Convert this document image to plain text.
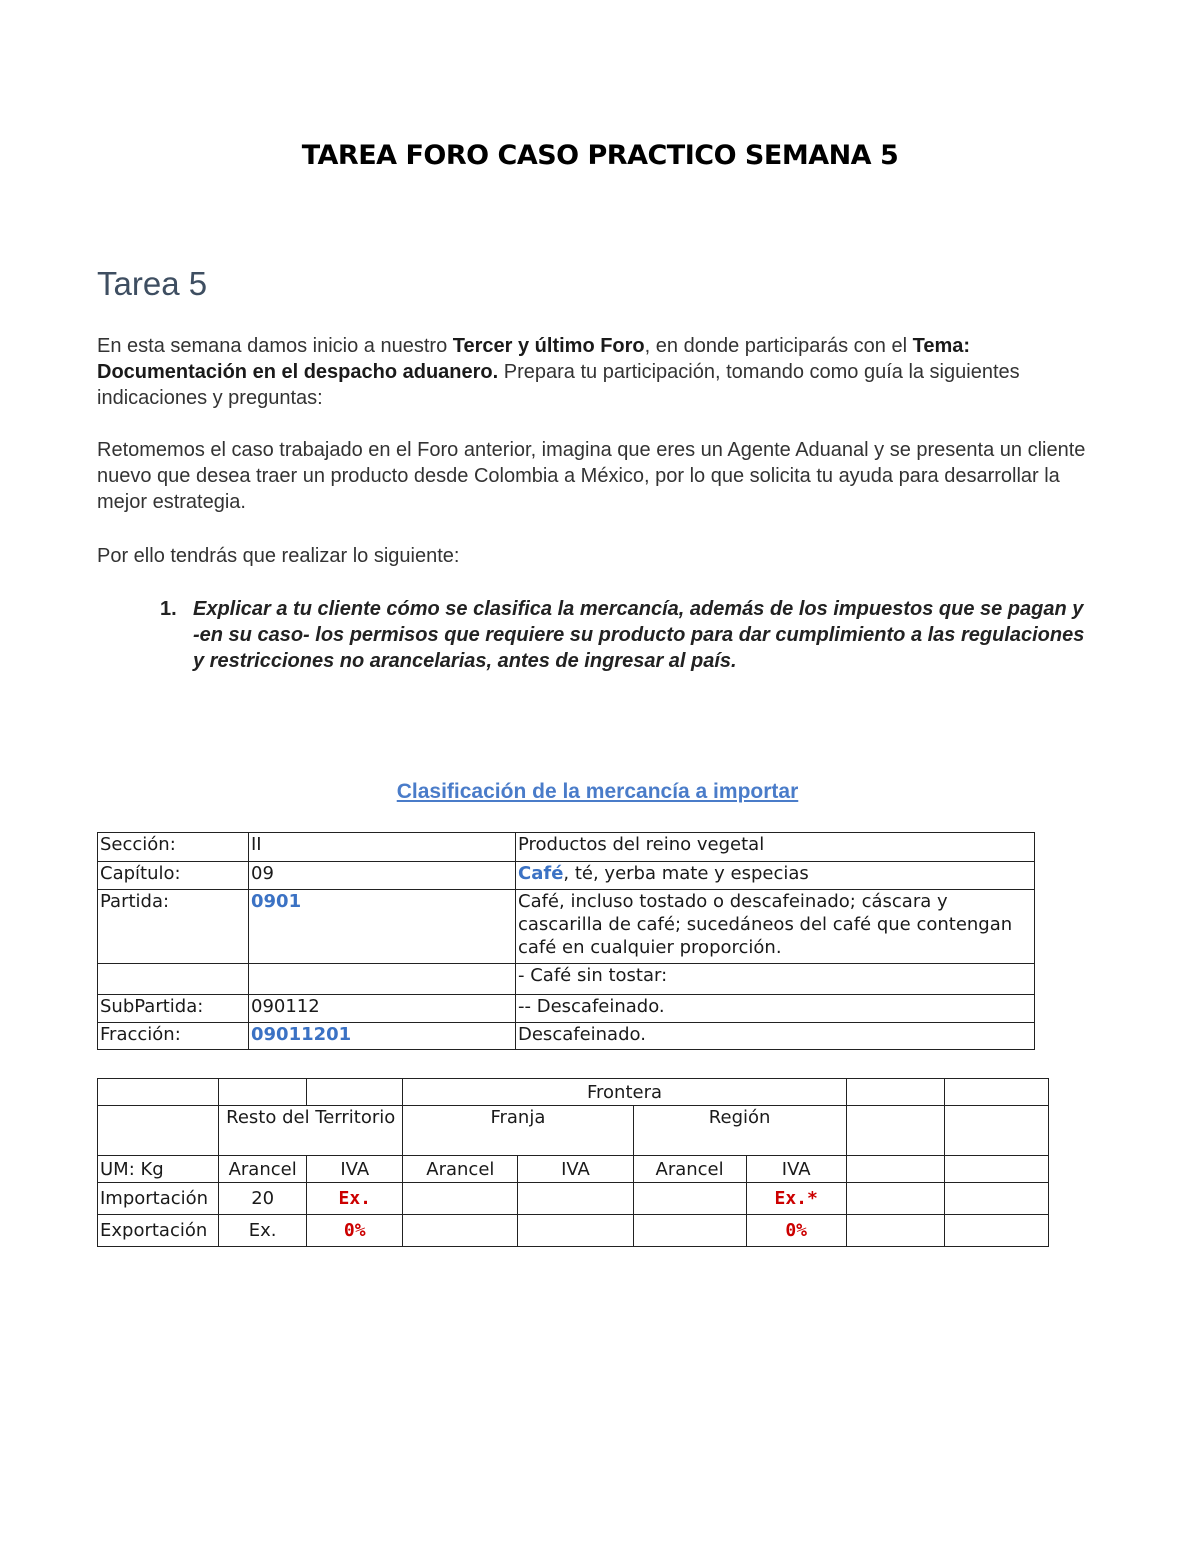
TAREA FORO CASO PRACTICO SEMANA 5
Tarea 5

En esta semana damos inicio a nuestro Tercer y último Foro, en donde participarás con el Tema: Documentación en el despacho aduanero. Prepara tu participación, tomando como guía la siguientes indicaciones y preguntas:

Retomemos el caso trabajado en el Foro anterior, imagina que eres un Agente Aduanal y se presenta un cliente nuevo que desea traer un producto desde Colombia a México, por lo que solicita tu ayuda para desarrollar la mejor estrategia.

Por ello tendrás que realizar lo siguiente:

1. Explicar a tu cliente cómo se clasifica la mercancía, además de los impuestos que se pagan y -en su caso- los permisos que requiere su producto para dar cumplimiento a las regulaciones y restricciones no arancelarias, antes de ingresar al país.

Clasificación de la mercancía a importar

Sección:	II	Productos del reino vegetal
Capítulo:	09	Café, té, yerba mate y especias
Partida:	0901	Café, incluso tostado o descafeinado; cáscara y cascarilla de café; sucedáneos del café que contengan café en cualquier proporción.
		- Café sin tostar:
SubPartida:	090112	-- Descafeinado.
Fracción:	09011201	Descafeinado.
			Frontera					
	Resto del Territorio		Franja		Región			
UM: Kg	Arancel	IVA	Arancel	IVA	Arancel	IVA		
Importación	20	Ex.				Ex.*		
Exportación	Ex.	0%				0%		
